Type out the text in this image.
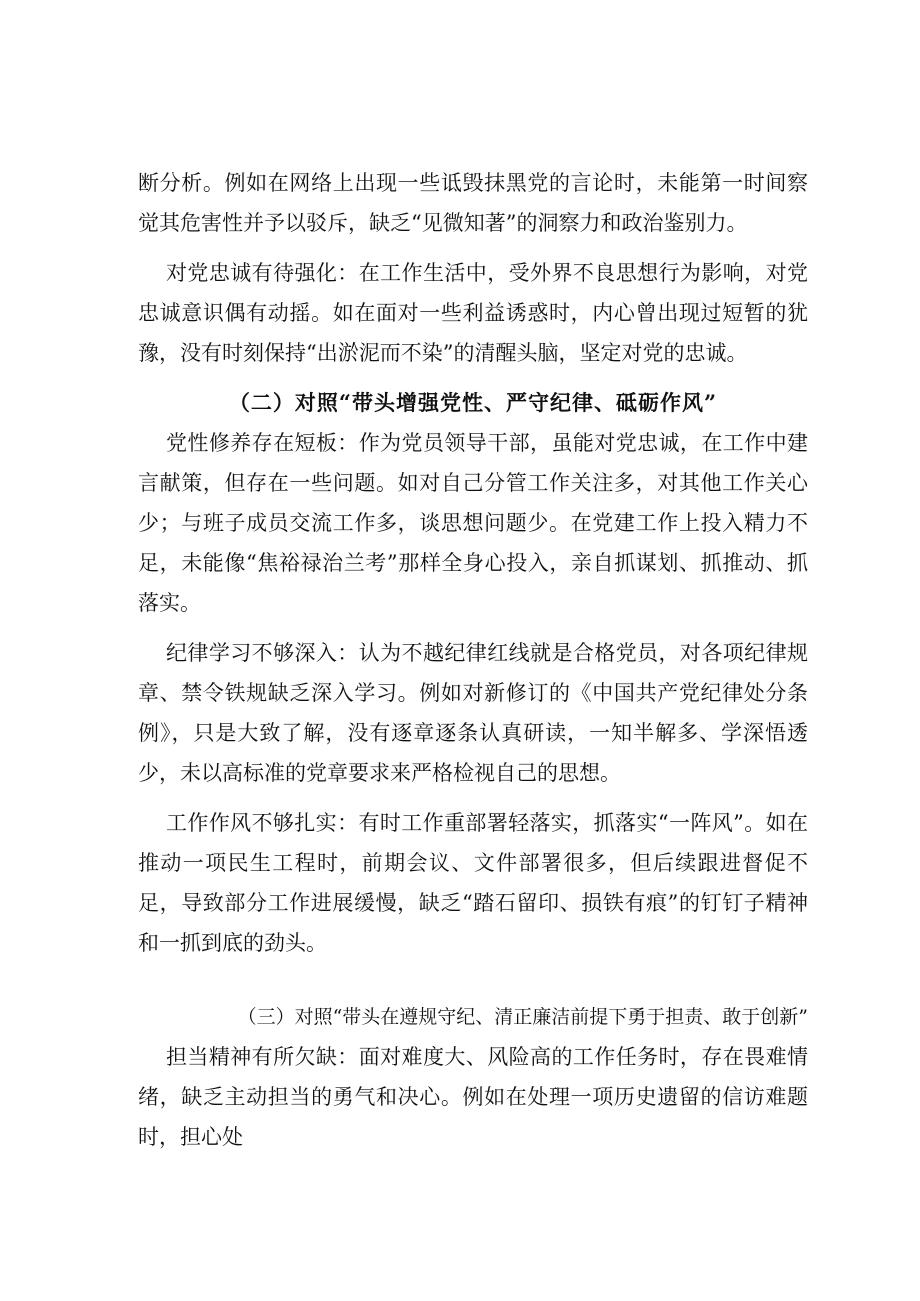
断分析。例如在网络上出现一些诋毁抹黑党的言论时，未能第一时间察觉其危害性并予以驳斥，缺乏“见微知著”的洞察力和政治鉴别力。

对党忠诚有待强化：在工作生活中，受外界不良思想行为影响，对党忠诚意识偶有动摇。如在面对一些利益诱惑时，内心曾出现过短暂的犹豫，没有时刻保持“出淤泥而不染”的清醒头脑，坚定对党的忠诚。

（二）对照“带头增强党性、严守纪律、砥砺作风”

党性修养存在短板：作为党员领导干部，虽能对党忠诚，在工作中建言献策，但存在一些问题。如对自己分管工作关注多，对其他工作关心少；与班子成员交流工作多，谈思想问题少。在党建工作上投入精力不足，未能像“焦裕禄治兰考”那样全身心投入，亲自抓谋划、抓推动、抓落实。

纪律学习不够深入：认为不越纪律红线就是合格党员，对各项纪律规章、禁令铁规缺乏深入学习。例如对新修订的《中国共产党纪律处分条例》，只是大致了解，没有逐章逐条认真研读，一知半解多、学深悟透少，未以高标准的党章要求来严格检视自己的思想。

工作作风不够扎实：有时工作重部署轻落实，抓落实“一阵风”。如在推动一项民生工程时，前期会议、文件部署很多，但后续跟进督促不足，导致部分工作进展缓慢，缺乏“踏石留印、损铁有痕”的钉钉子精神和一抓到底的劲头。

（三）对照“带头在遵规守纪、清正廉洁前提下勇于担责、敢于创新”

担当精神有所欠缺：面对难度大、风险高的工作任务时，存在畏难情绪，缺乏主动担当的勇气和决心。例如在处理一项历史遗留的信访难题时，担心处
